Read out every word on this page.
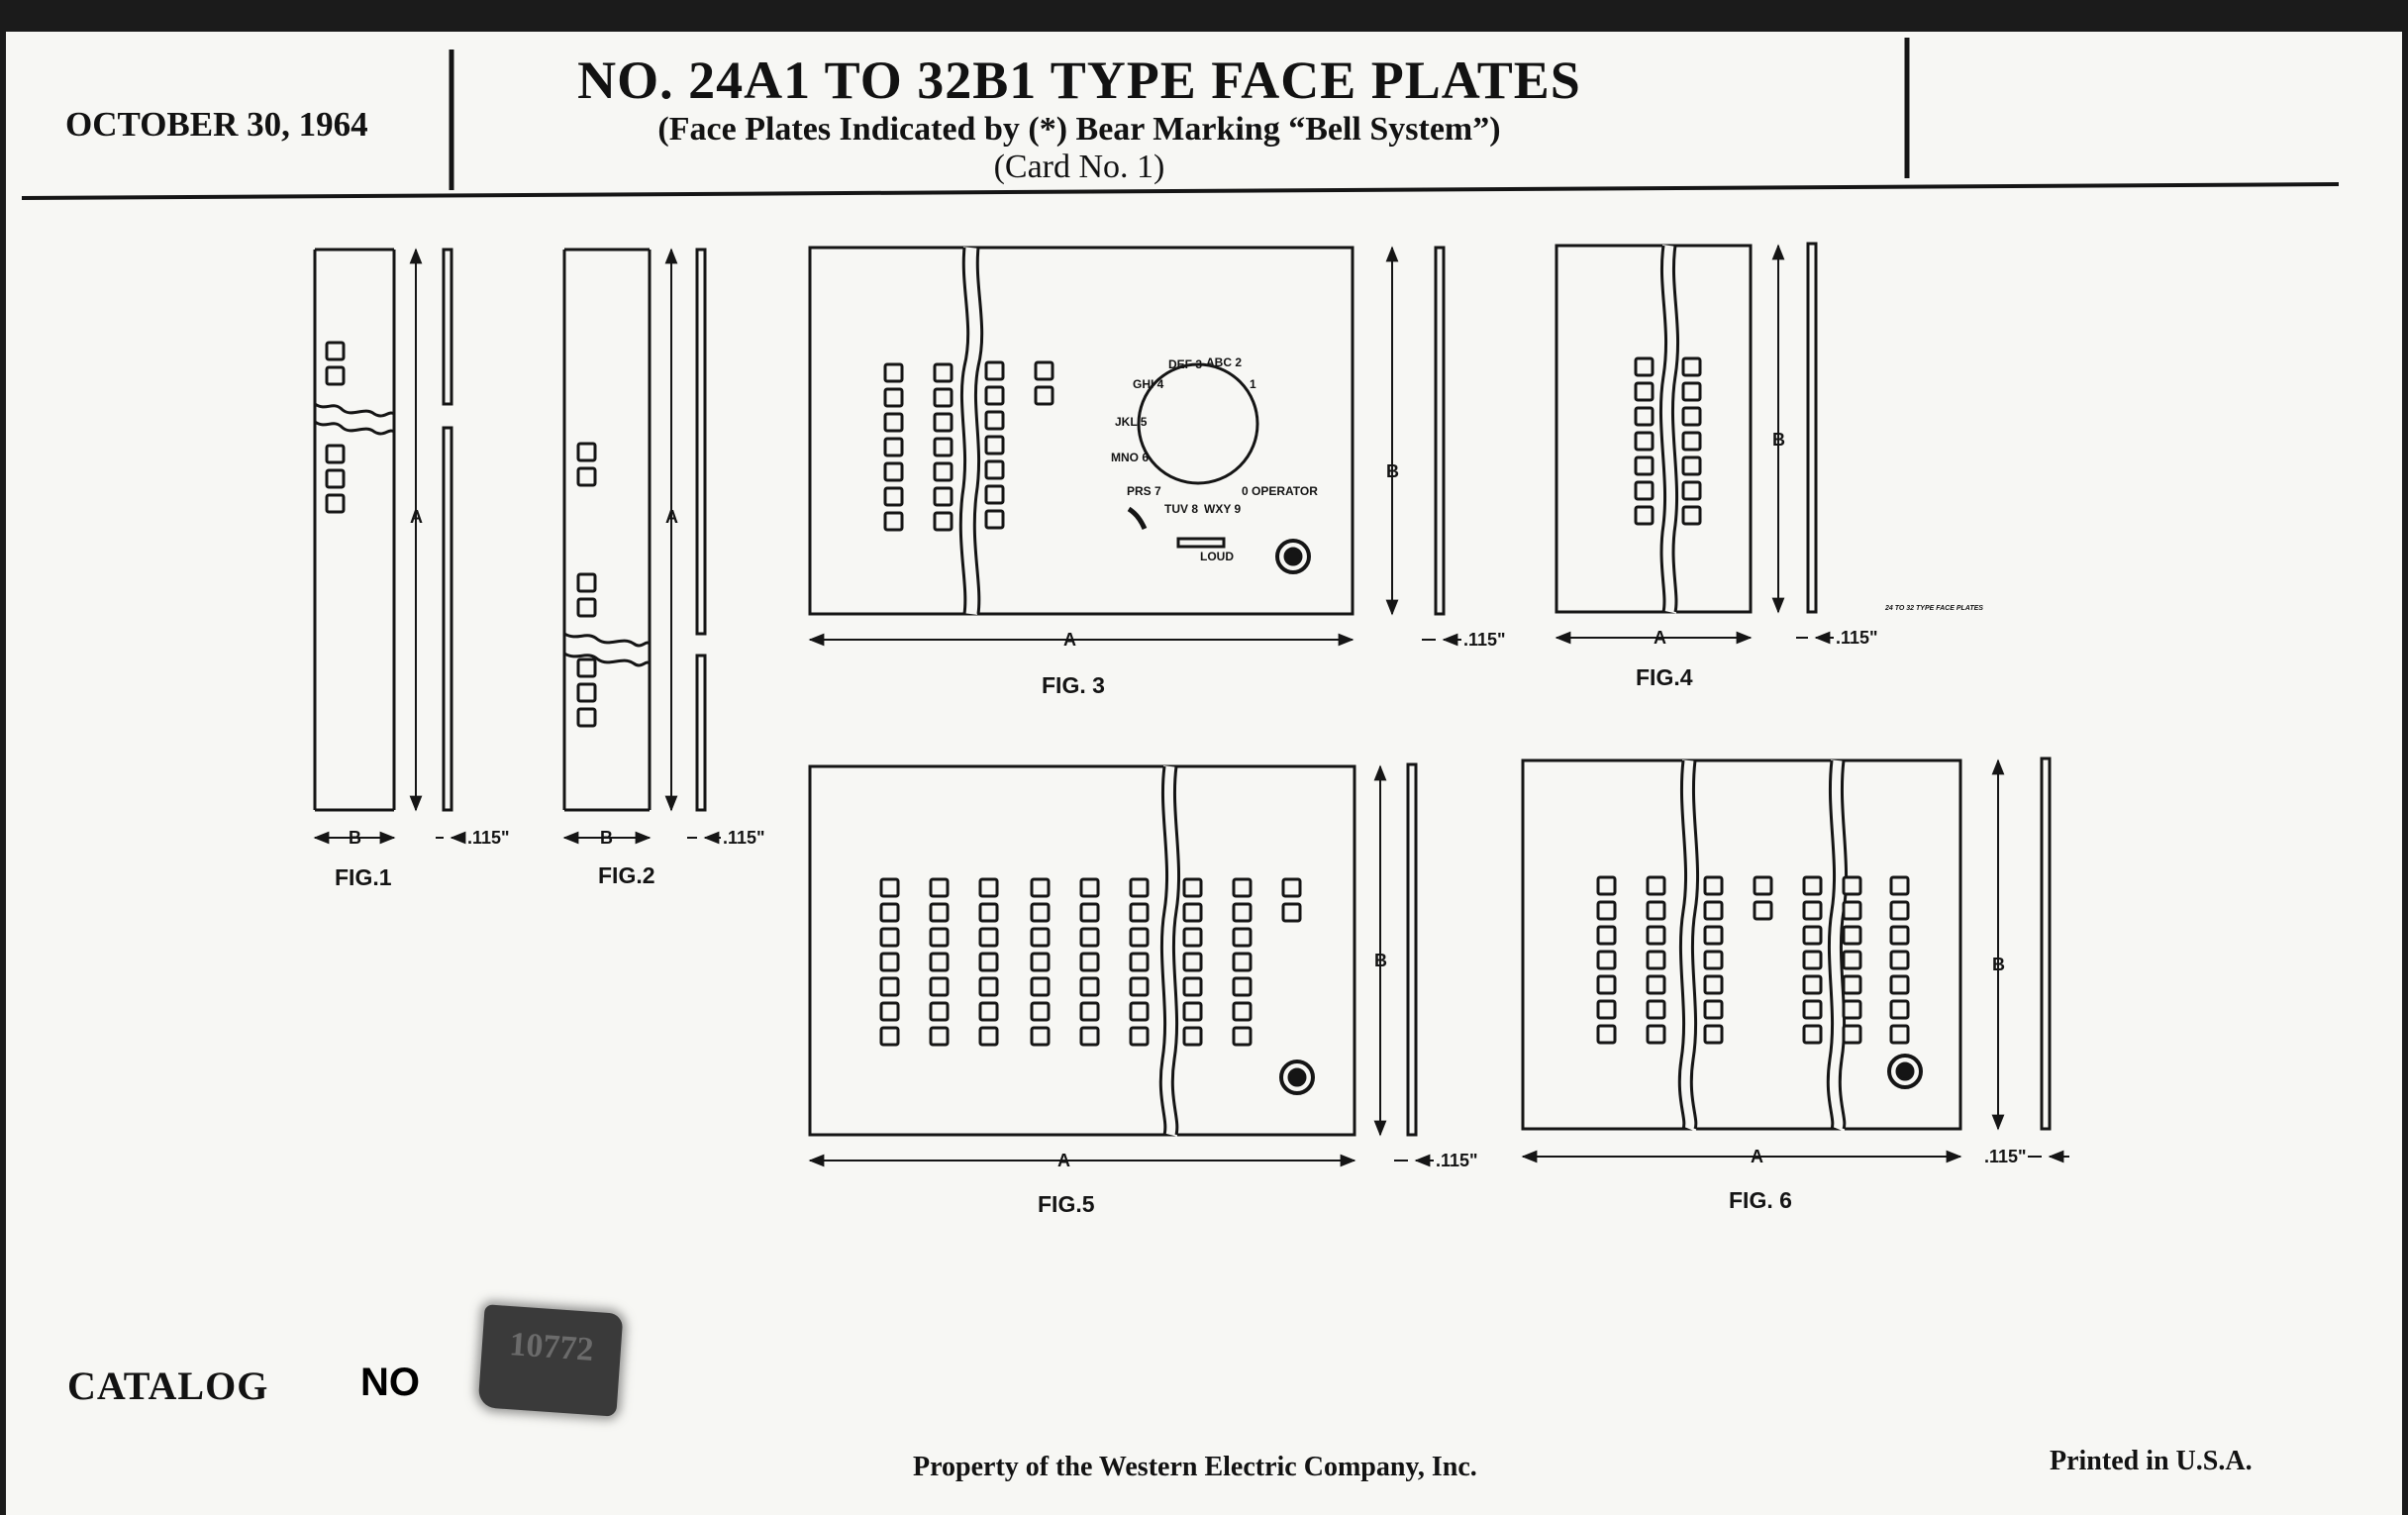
OCTOBER 30, 1964
NO. 24A1 TO 32B1 TYPE FACE PLATES
(Face Plates Indicated by (*) Bear Marking “Bell System”)
(Card No. 1)
A
B	.115"
FIG.1
A
B	.115"
FIG.2
B
A	.115"
FIG. 3
B
A	.115"
FIG.4
24 TO 32 TYPE FACE PLATES
B
A	.115"
FIG.5
B
A	.115"
FIG. 6
GHI 4
DEF 3 ABC 2
1
JKL 5
MNO 6
PRS 7
TUV 8 WXY 9
0 OPERATOR
LOUD
CATALOG NO
10772
Property of the Western Electric Company, Inc.	Printed in U.S.A.
